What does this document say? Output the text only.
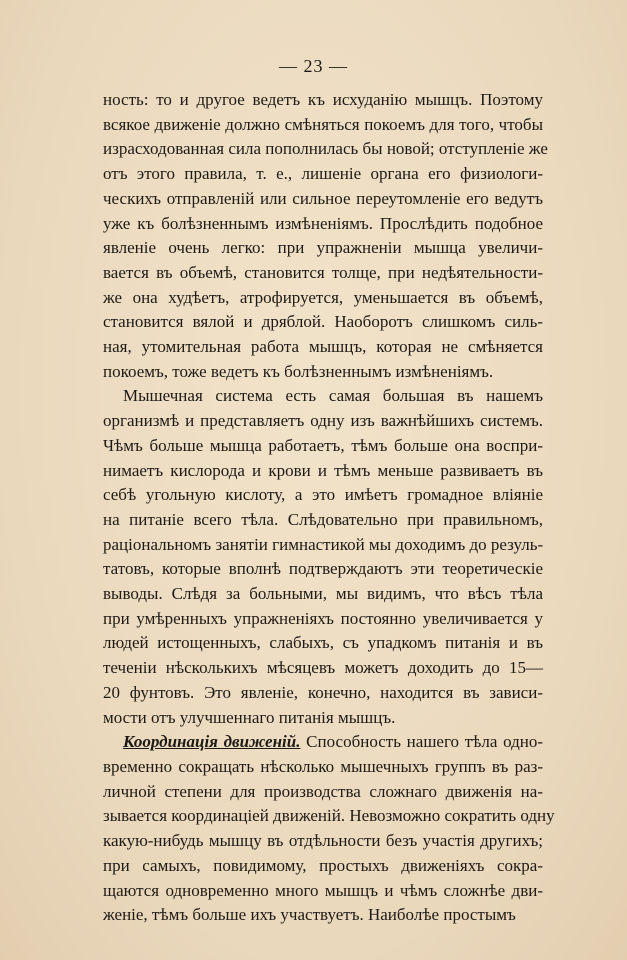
— 23 —
ность: то и другое ведетъ къ исхуданію мышцъ. Поэтому
всякое движеніе должно смѣняться покоемъ для того, чтобы
израсходованная сила пополнилась бы новой; отступленіе же
отъ этого правила, т. е., лишеніе органа его физиологи-
ческихъ отправленій или сильное переутомленіе его ведутъ
уже къ болѣзненнымъ измѣненіямъ. Прослѣдить подобное
явленіе очень легко: при упражненіи мышца увеличи-
вается въ объемѣ, становится толще, при недѣятельности-
же она худѣетъ, атрофируется, уменьшается въ объемѣ,
становится вялой и дряблой. Наоборотъ слишкомъ силь-
ная, утомительная работа мышцъ, которая не смѣняется
покоемъ, тоже ведетъ къ болѣзненнымъ измѣненіямъ.
Мышечная система есть самая большая въ нашемъ
организмѣ и представляетъ одну изъ важнѣйшихъ системъ.
Чѣмъ больше мышца работаетъ, тѣмъ больше она воспри-
нимаетъ кислорода и крови и тѣмъ меньше развиваетъ въ
себѣ угольную кислоту, а это имѣетъ громадное вліяніе
на питаніе всего тѣла. Слѣдовательно при правильномъ,
раціональномъ занятіи гимнастикой мы доходимъ до резуль-
татовъ, которые вполнѣ подтверждаютъ эти теоретическіе
выводы. Слѣдя за больными, мы видимъ, что вѣсъ тѣла
при умѣренныхъ упражненіяхъ постоянно увеличивается у
людей истощенныхъ, слабыхъ, съ упадкомъ питанія и въ
теченіи нѣсколькихъ мѣсяцевъ можетъ доходить до 15—
20 фунтовъ. Это явленіе, конечно, находится въ зависи-
мости отъ улучшеннаго питанія мышцъ.
Координація движеній. Способность нашего тѣла одно-
временно сокращать нѣсколько мышечныхъ группъ въ раз-
личной степени для производства сложнаго движенія на-
зывается координаціей движеній. Невозможно сократить одну
какую-нибудь мышцу въ отдѣльности безъ участія другихъ;
при самыхъ, повидимому, простыхъ движеніяхъ сокра-
щаются одновременно много мышцъ и чѣмъ сложнѣе дви-
женіе, тѣмъ больше ихъ участвуетъ. Наиболѣе простымъ
